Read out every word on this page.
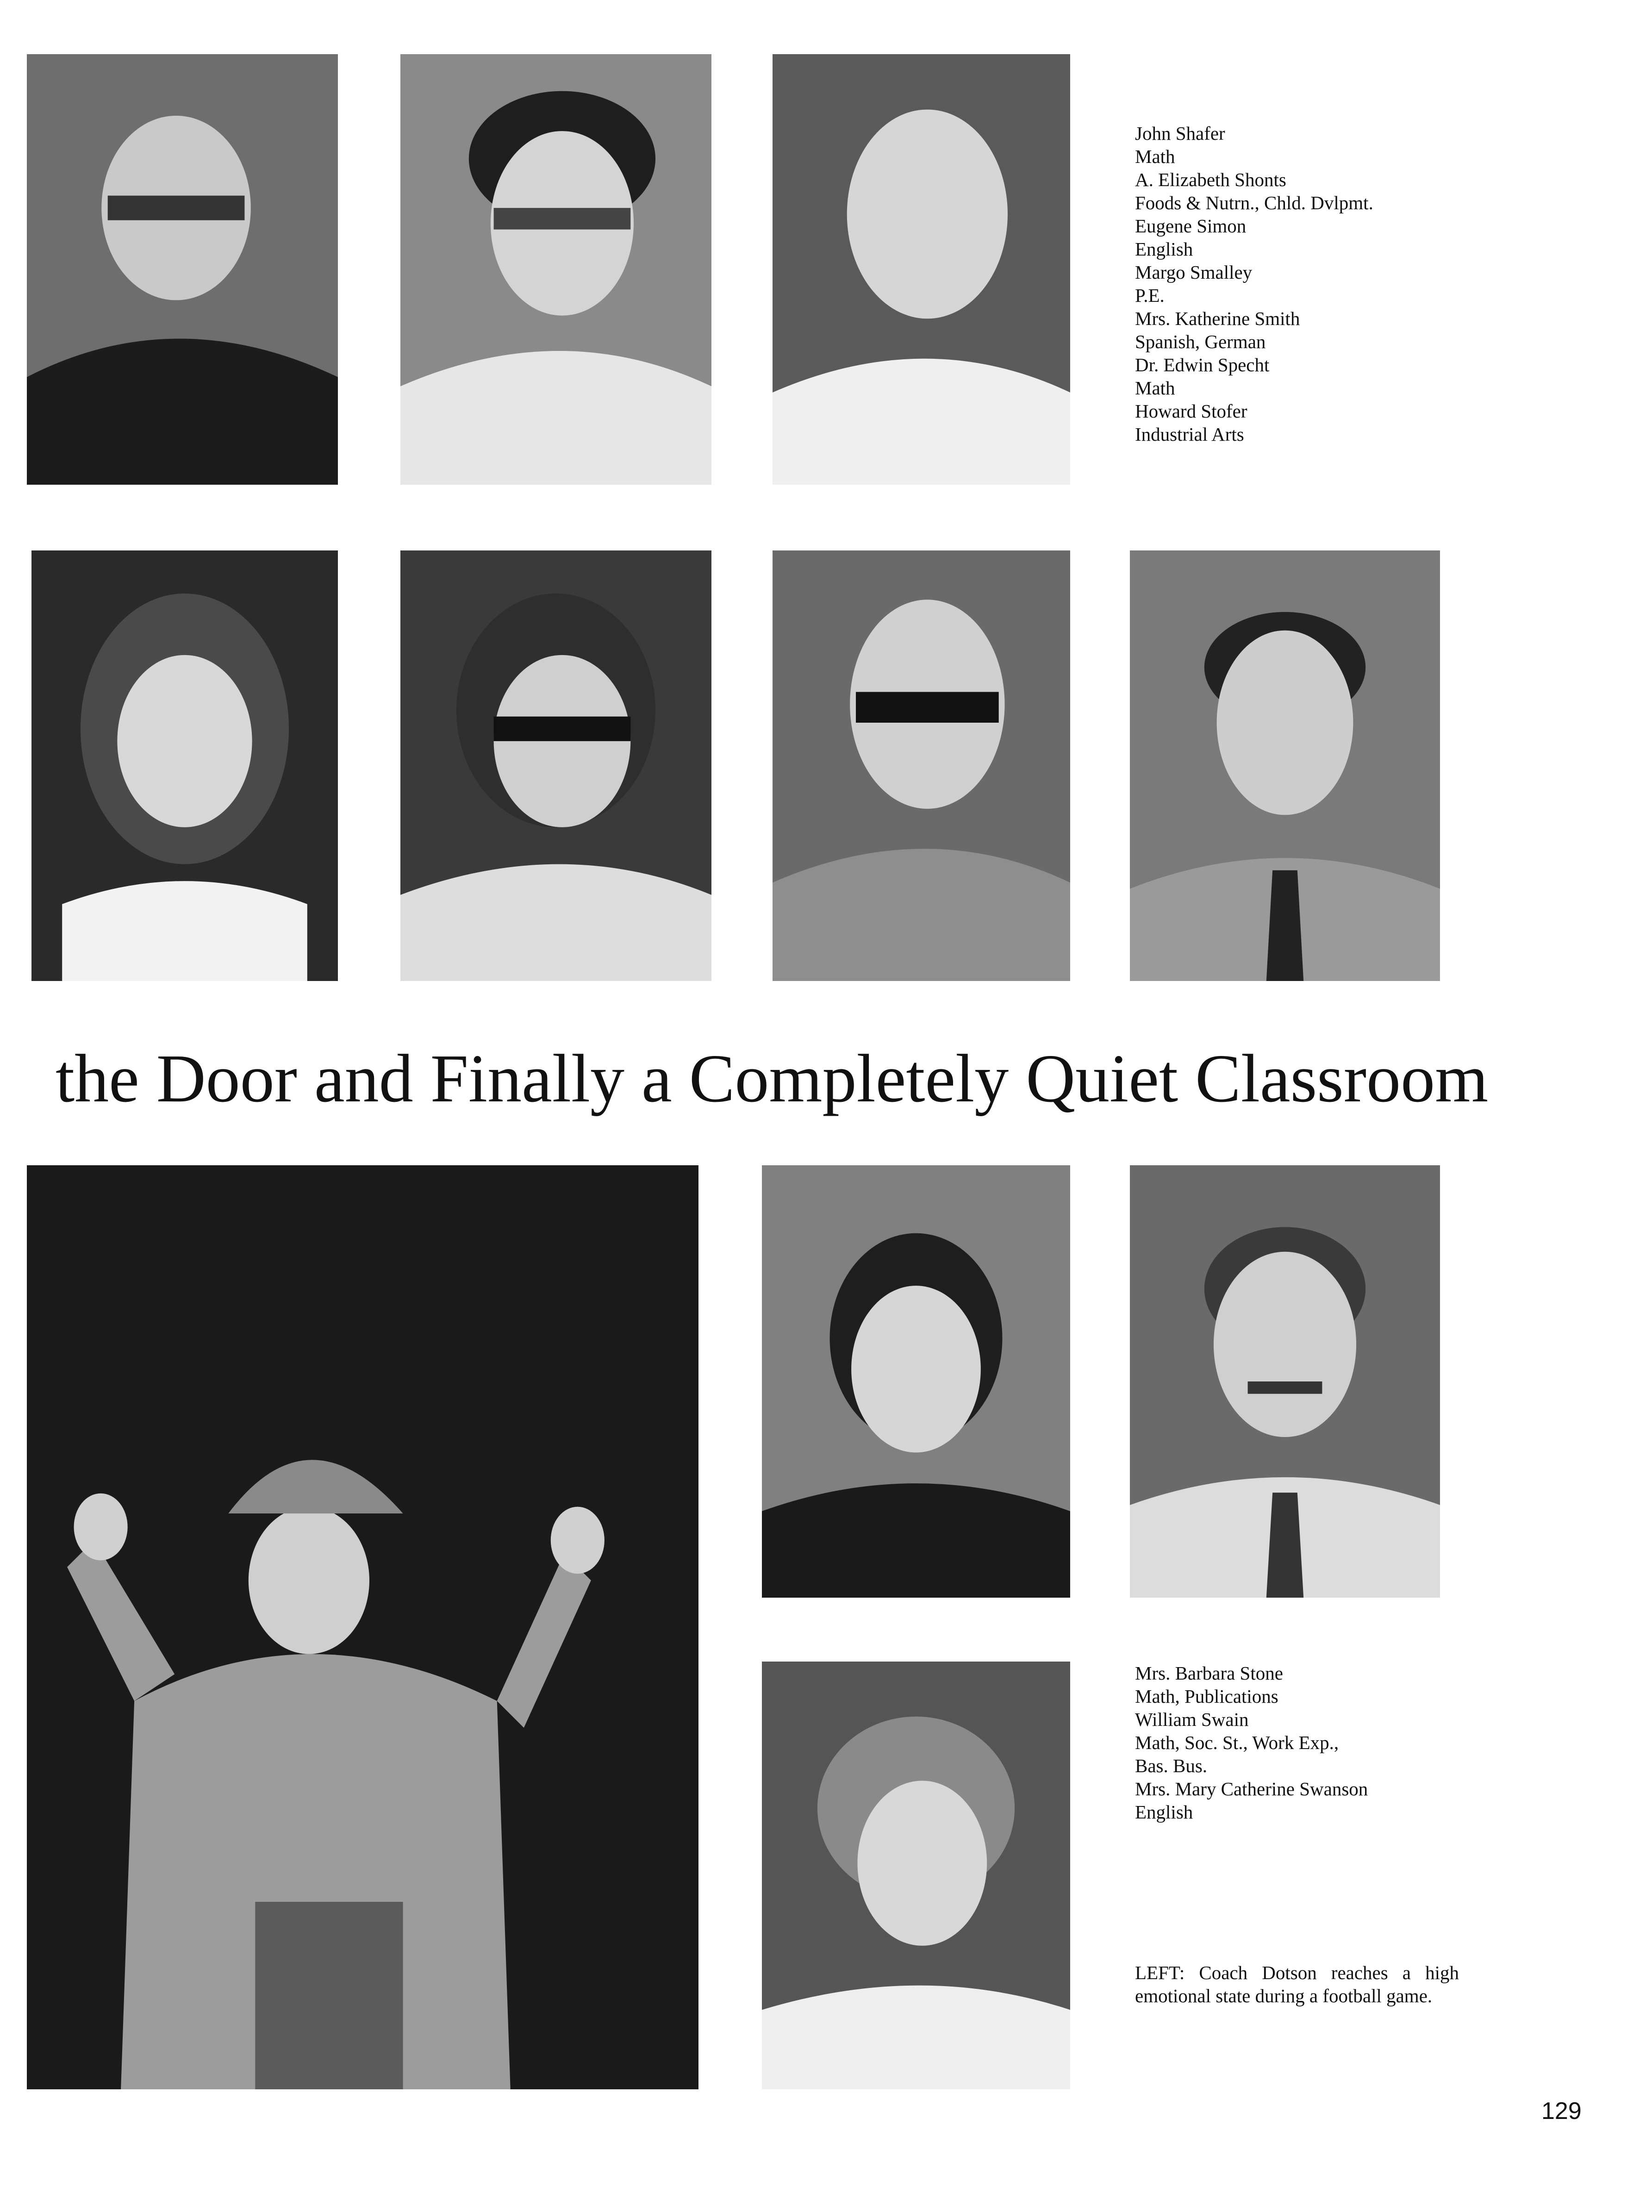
John Shafer
Math
A. Elizabeth Shonts
Foods & Nutrn., Chld. Dvlpmt.
Eugene Simon
English
Margo Smalley
P.E.
Mrs. Katherine Smith
Spanish, German
Dr. Edwin Specht
Math
Howard Stofer
Industrial Arts
the Door and Finally a Completely Quiet Classroom
Mrs. Barbara Stone
Math, Publications
William Swain
Math, Soc. St., Work Exp.,
Bas. Bus.
Mrs. Mary Catherine Swanson
English
LEFT: Coach Dotson reaches a high emotional state during a football game.
129
